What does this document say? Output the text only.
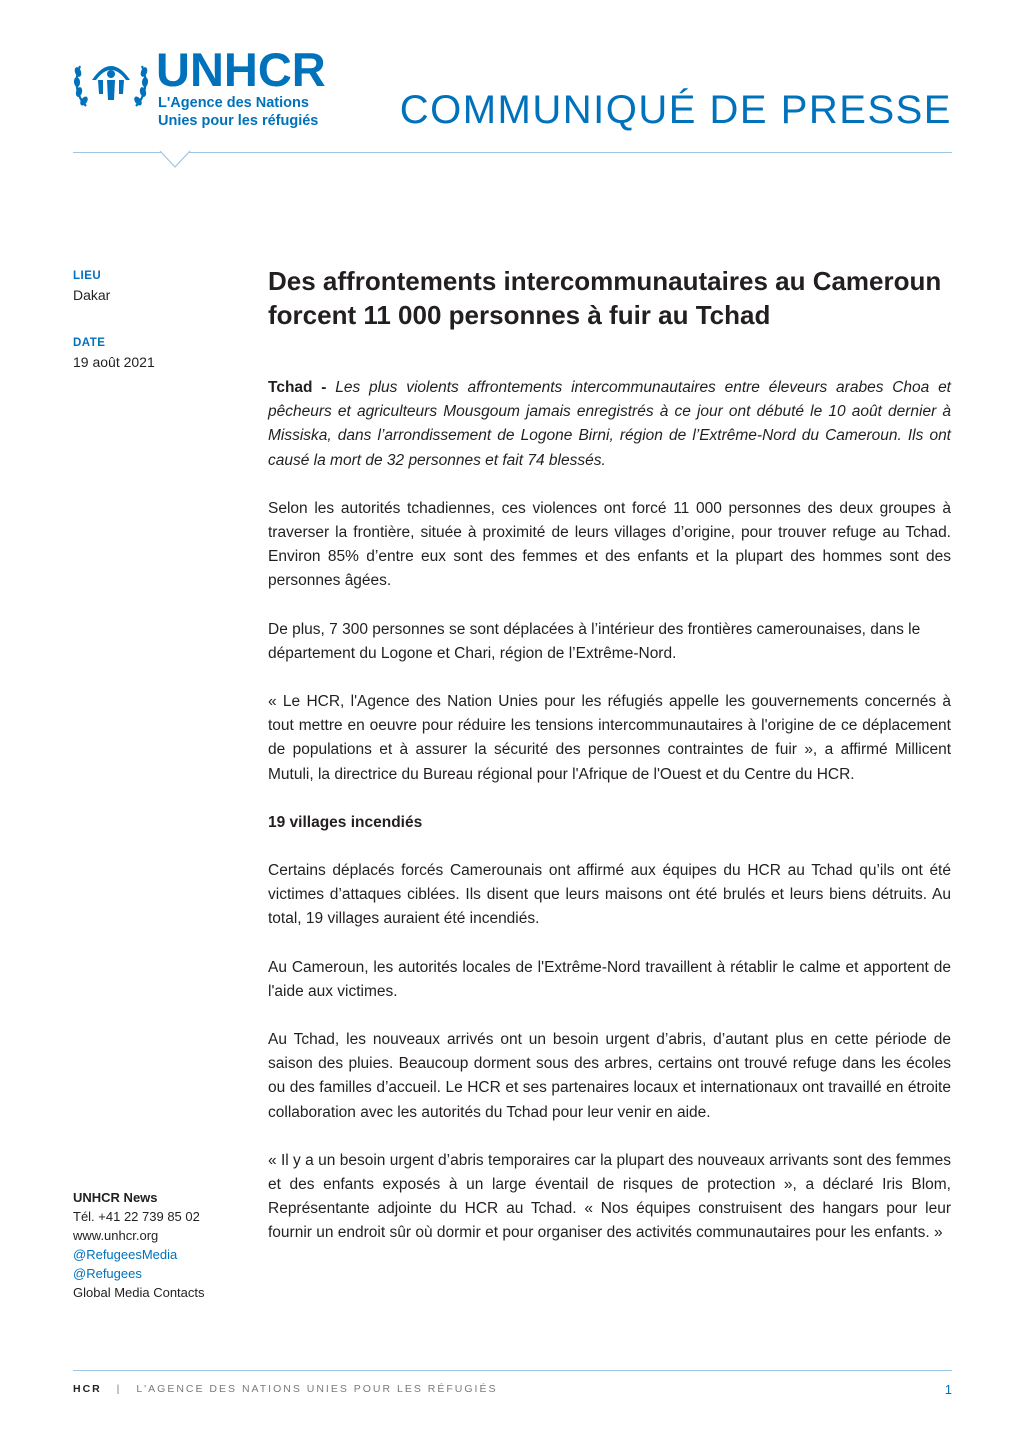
UNHCR
L'Agence des Nations
Unies pour les réfugiés COMMUNIQUÉ DE PRESSE
LIEU
Dakar
DATE
19 août 2021
Des affrontements intercommunautaires au Cameroun forcent 11 000 personnes à fuir au Tchad

Tchad - Les plus violents affrontements intercommunautaires entre éleveurs arabes Choa et pêcheurs et agriculteurs Mousgoum jamais enregistrés à ce jour ont débuté le 10 août dernier à Missiska, dans l’arrondissement de Logone Birni, région de l’Extrême-Nord du Cameroun. Ils ont causé la mort de 32 personnes et fait 74 blessés.

Selon les autorités tchadiennes, ces violences ont forcé 11 000 personnes des deux groupes à traverser la frontière, située à proximité de leurs villages d’origine, pour trouver refuge au Tchad. Environ 85% d’entre eux sont des femmes et des enfants et la plupart des hommes sont des personnes âgées.

De plus, 7 300 personnes se sont déplacées à l’intérieur des frontières camerounaises, dans le département du Logone et Chari, région de l’Extrême-Nord.

« Le HCR, l'Agence des Nation Unies pour les réfugiés appelle les gouvernements concernés à tout mettre en oeuvre pour réduire les tensions intercommunautaires à l'origine de ce déplacement de populations et à assurer la sécurité des personnes contraintes de fuir », a affirmé Millicent Mutuli, la directrice du Bureau régional pour l'Afrique de l'Ouest et du Centre du HCR.

19 villages incendiés

Certains déplacés forcés Camerounais ont affirmé aux équipes du HCR au Tchad qu’ils ont été victimes d’attaques ciblées. Ils disent que leurs maisons ont été brulés et leurs biens détruits. Au total, 19 villages auraient été incendiés.

Au Cameroun, les autorités locales de l'Extrême-Nord travaillent à rétablir le calme et apportent de l'aide aux victimes.

Au Tchad, les nouveaux arrivés ont un besoin urgent d’abris, d’autant plus en cette période de saison des pluies. Beaucoup dorment sous des arbres, certains ont trouvé refuge dans les écoles ou des familles d’accueil. Le HCR et ses partenaires locaux et internationaux ont travaillé en étroite collaboration avec les autorités du Tchad pour leur venir en aide.

« Il y a un besoin urgent d’abris temporaires car la plupart des nouveaux arrivants sont des femmes et des enfants exposés à un large éventail de risques de protection », a déclaré Iris Blom, Représentante adjointe du HCR au Tchad. « Nos équipes construisent des hangars pour leur fournir un endroit sûr où dormir et pour organiser des activités communautaires pour les enfants. »

UNHCR News
Tél. +41 22 739 85 02
www.unhcr.org
@RefugeesMedia
@Refugees
Global Media Contacts
HCR | L'AGENCE DES NATIONS UNIES POUR LES RÉFUGIÉS	1
